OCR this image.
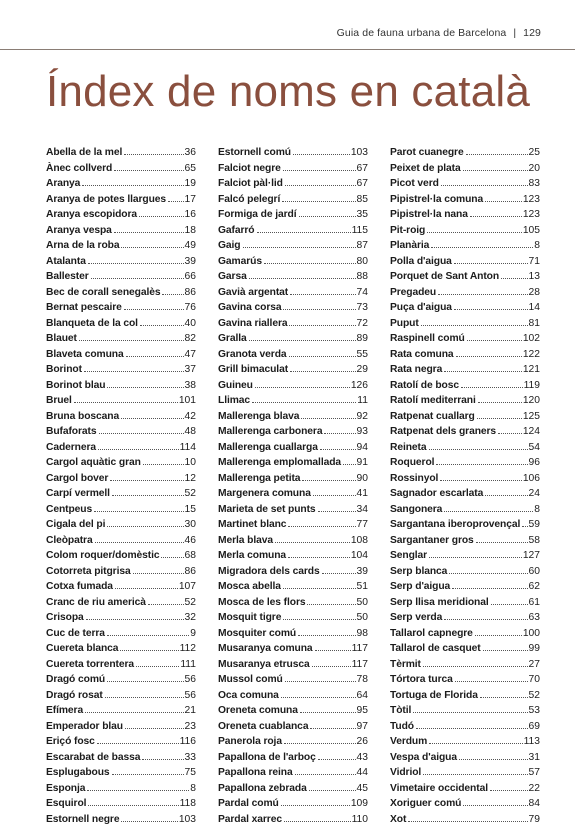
Guia de fauna urbana de Barcelona | 129
Índex de noms en català
Abella de la mel	36
Ànec collverd	65
Aranya	19
Aranya de potes llargues 17
Aranya escopidora	16
Aranya vespa	18
Arna de la roba	49
Atalanta	39
Ballester	66
Bec de corall senegalès 86
Bernat pescaire	76
Blanqueta de la col	40
Blauet	82
Blaveta comuna	47
Borinot	37
Borinot blau	38
Bruel	101
Bruna boscana	42
Bufaforats	48
Cadernera	114
Cargol aquàtic gran	10
Cargol bover	12
Carpí vermell	52
Centpeus	15
Cigala del pi	30
Cleòpatra	46
Colom roquer/domèstic 68
Cotorreta pitgrisa	86
Cotxa fumada	107
Cranc de riu americà	52
Crisopa	32
Cuc de terra	9
Cuereta blanca	112
Cuereta torrentera	111
Dragó comú	56
Dragó rosat	56
Efímera	21
Emperador blau	23
Eriçó fosc	116
Escarabat de bassa	33
Esplugabous	75
Esponja	8
Esquirol	118
Estornell negre	103
Estornell comú	103
Falciot negre	67
Falciot pàl·lid	67
Falcó pelegrí	85
Formiga de jardí	35
Gafarró	115
Gaig	87
Gamarús	80
Garsa	88
Gavià argentat	74
Gavina corsa	73
Gavina riallera	72
Gralla	89
Granota verda	55
Grill bimaculat	29
Guineu	126
Llimac	11
Mallerenga blava	92
Mallerenga carbonera	93
Mallerenga cuallarga	94
Mallerenga emplomallada 91
Mallerenga petita	90
Margenera comuna	41
Marieta de set punts	34
Martinet blanc	77
Merla blava	108
Merla comuna	104
Migradora dels cards	39
Mosca abella	51
Mosca de les flors	50
Mosquit tigre	50
Mosquiter comú	98
Musaranya comuna	117
Musaranya etrusca	117
Mussol comú	78
Oca comuna	64
Oreneta comuna	95
Oreneta cuablanca	97
Panerola roja	26
Papallona de l'arboç	43
Papallona reina	44
Papallona zebrada	45
Pardal comú	109
Pardal xarrec	110
Parot cuanegre	25
Peixet de plata	20
Picot verd	83
Pipistrel·la comuna	123
Pipistrel·la nana	123
Pit-roig	105
Planària	8
Polla d'aigua	71
Porquet de Sant Anton	13
Pregadeu	28
Puça d'aigua	14
Puput	81
Raspinell comú	102
Rata comuna	122
Rata negra	121
Ratolí de bosc	119
Ratolí mediterrani	120
Ratpenat cuallarg	125
Ratpenat dels graners	124
Reineta	54
Roquerol	96
Rossinyol	106
Sagnador escarlata	24
Sangonera	8
Sargantana iberoprovençal 59
Sargantaner gros	58
Senglar	127
Serp blanca	60
Serp d'aigua	62
Serp llisa meridional	61
Serp verda	63
Tallarol capnegre	100
Tallarol de casquet	99
Tèrmit	27
Tórtora turca	70
Tortuga de Florida	52
Tòtil	53
Tudó	69
Verdum	113
Vespa d'aigua	31
Vidriol	57
Vimetaire occidental	22
Xoriguer comú	84
Xot	79
